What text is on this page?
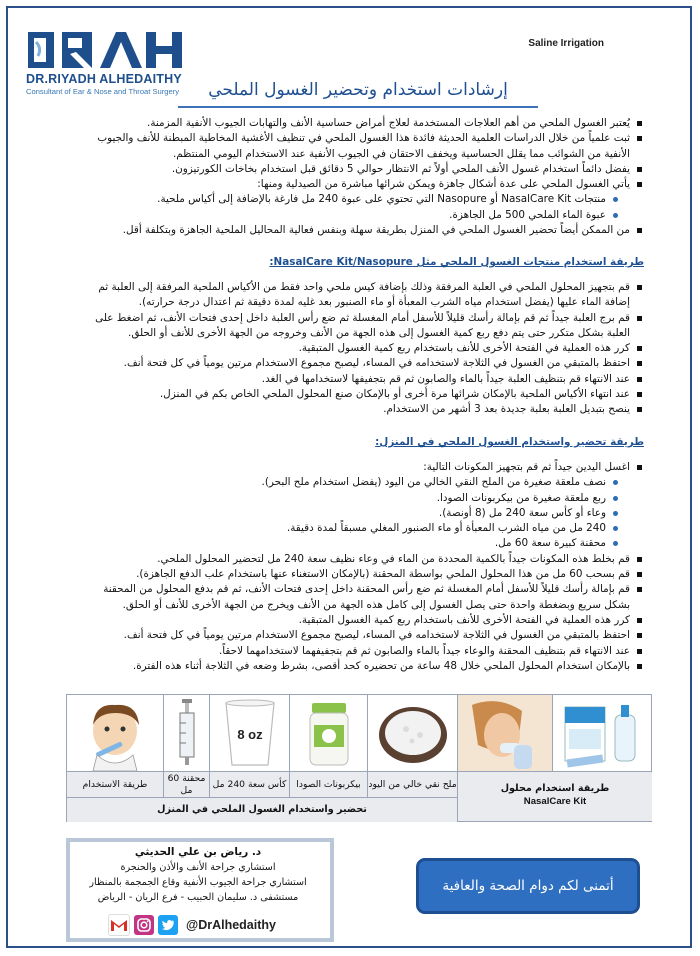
DR.RIYADH ALHEDAITHY
Consultant of Ear & Nose and Throat Surgery
Saline Irrigation
إرشادات استخدام وتحضير الغسول الملحي
يُعتبر الغسول الملحي من أهم العلاجات المستخدمة لعلاج أمراض حساسية الأنف والتهابات الجيوب الأنفية المزمنة.
ثبت علمياً من خلال الدراسات العلمية الحديثة فائدة هذا الغسول الملحي في تنظيف الأغشية المخاطية المبطنة للأنف والجيوب الأنفية من الشوائب مما يقلل الحساسية ويخفف الاحتقان في الجيوب الأنفية عند الاستخدام اليومي المنتظم.
يفضل دائماً استخدام غسول الأنف الملحي أولاً ثم الانتظار حوالي 5 دقائق قبل استخدام بخاخات الكورتيزون.
يأتي الغسول الملحي على عدة أشكال جاهزة ويمكن شرائها مباشرة من الصيدلية ومنها:
منتجات NasalCare Kit أو Nasopure التي تحتوي على عبوة 240 مل فارغة بالإضافة إلى أكياس ملحية.
عبوة الماء الملحي 500 مل الجاهزة.
من الممكن أيضاً تحضير الغسول الملحي في المنزل بطريقة سهلة وبنفس فعالية المحاليل الملحية الجاهزة وبتكلفة أقل.
طريقة استخدام منتجات الغسول الملحي مثل NasalCare Kit/Nasopure:
قم بتجهيز المحلول الملحي في العلبة المرفقة وذلك بإضافة كيس ملحي واحد فقط من الأكياس الملحية المرفقة إلى العلبة ثم إضافة الماء عليها (يفضل استخدام مياه الشرب المعبأة أو ماء الصنبور بعد غليه لمدة دقيقة ثم اعتدال درجة حرارته).
قم برج العلبة جيداً ثم قم بإمالة رأسك قليلاً للأسفل أمام المغسلة ثم ضع رأس العلبة داخل إحدى فتحات الأنف، ثم اضغط على العلبة بشكل متكرر حتى يتم دفع ربع كمية الغسول إلى هذه الجهة من الأنف وخروجه من الجهة الأخرى للأنف أو الحلق.
كرر هذه العملية في الفتحة الأخرى للأنف باستخدام ربع كمية الغسول المتبقية.
احتفظ بالمتبقي من الغسول في الثلاجة لاستخدامه في المساء، ليصبح مجموع الاستخدام مرتين يومياً في كل فتحة أنف.
عند الانتهاء قم بتنظيف العلبة جيداً بالماء والصابون ثم قم بتجفيفها لاستخدامها في الغد.
عند انتهاء الأكياس الملحية بالإمكان شرائها مرة أخرى أو بالإمكان صنع المحلول الملحي الخاص بكم في المنزل.
ينصح بتبديل العلبة بعلبة جديدة بعد 3 أشهر من الاستخدام.
طريقة تحضير واستخدام الغسول الملحي في المنزل:
اغسل اليدين جيداً ثم قم بتجهيز المكونات التالية:
نصف ملعقة صغيرة من الملح النقي الخالي من اليود (يفضل استخدام ملح البحر).
ربع ملعقة صغيرة من بيكربونات الصودا.
وعاء أو كأس سعة 240 مل (8 أونصة).
240 مل من مياه الشرب المعبأة أو ماء الصنبور المغلي مسبقاً لمدة دقيقة.
محقنة كبيرة سعة 60 مل.
قم بخلط هذه المكونات جيداً بالكمية المحددة من الماء في وعاء نظيف سعة 240 مل لتحضير المحلول الملحي.
قم بسحب 60 مل من هذا المحلول الملحي بواسطة المحقنة (بالإمكان الاستغناء عنها باستخدام علب الدفع الجاهزة).
قم بإمالة رأسك قليلاً للأسفل أمام المغسلة ثم ضع رأس المحقنة داخل إحدى فتحات الأنف، ثم قم بدفع المحلول من المحقنة بشكل سريع وبضغطة واحدة حتى يصل الغسول إلى كامل هذه الجهة من الأنف ويخرج من الجهة الأخرى للأنف أو الحلق.
كرر هذه العملية في الفتحة الأخرى للأنف باستخدام ربع كمية الغسول المتبقية.
احتفظ بالمتبقي من الغسول في الثلاجة لاستخدامه في المساء، ليصبح مجموع الاستخدام مرتين يومياً في كل فتحة أنف.
عند الانتهاء قم بتنظيف المحقنة والوعاء جيداً بالماء والصابون ثم قم بتجفيفهما لاستخدامهما لاحقاً.
بالإمكان استخدام المحلول الملحي خلال 48 ساعة من تحضيره كحد أقصى، بشرط وضعه في الثلاجة أثناء هذه الفترة.
8 oz
طريقة الاستخدام
محقنة 60 مل
كأس سعة 240 مل	بيكربونات الصودا ملح نقي خالي من اليود
تحضير واستخدام الغسول الملحي في المنزل
طريقة استخدام محلول
NasalCare Kit
د. رياض بن علي الحديثي
استشاري جراحة الأنف والأذن والحنجرة
استشاري جراحة الجيوب الأنفية وقاع الجمجمة بالمنظار
مستشفى د. سليمان الحبيب - فرع الريان - الرياض
@DrAlhedaithy
أتمنى لكم دوام الصحة والعافية
